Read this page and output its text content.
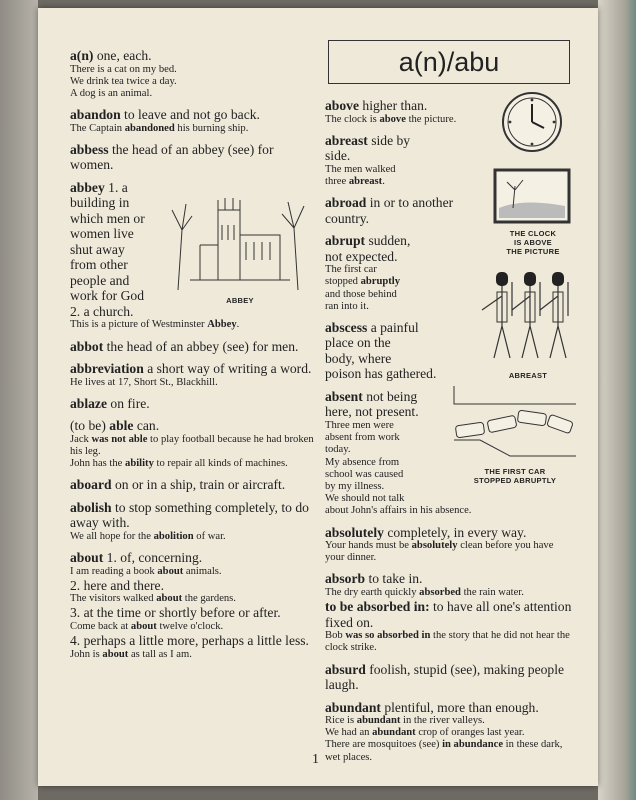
a(n)/abu
a(n) one, each.
There is a cat on my bed.
We drink tea twice a day.
A dog is an animal.
abandon to leave and not go back.
The Captain abandoned his burning ship.
abbess the head of an abbey (see) for women.
abbey 1. a
building in
which men or
women live
shut away
from other
people and
work for God
2. a church.
This is a picture of Westminster Abbey.
ABBEY
abbot the head of an abbey (see) for men.
abbreviation a short way of writing a word.
He lives at 17, Short St., Blackhill.
ablaze on fire.
(to be) able can.
Jack was not able to play football because he had broken his leg.
John has the ability to repair all kinds of machines.
aboard on or in a ship, train or aircraft.
abolish to stop something completely, to do away with.
We all hope for the abolition of war.
about 1. of, concerning.
I am reading a book about animals.
2. here and there.
The visitors walked about the gardens.
3. at the time or shortly before or after.
Come back at about twelve o'clock.
4. perhaps a little more, perhaps a little less.
John is about as tall as I am.
above higher than.
The clock is above the picture.
abreast side by
side.
The men walked
three abreast.
abroad in or to another country.
abrupt sudden,
not expected.
The first car
stopped abruptly
and those behind
ran into it.
abscess a painful
place on the
body, where
poison has gathered.
absent not being
here, not present.
Three men were
absent from work
today.
My absence from
school was caused
by my illness.
We should not talk
about John's affairs in his absence.
absolutely completely, in every way.
Your hands must be absolutely clean before you have your dinner.
absorb to take in.
The dry earth quickly absorbed the rain water.
to be absorbed in: to have all one's attention fixed on.
Bob was so absorbed in the story that he did not hear the clock strike.
absurd foolish, stupid (see), making people laugh.
abundant plentiful, more than enough.
Rice is abundant in the river valleys.
We had an abundant crop of oranges last year.
There are mosquitoes (see) in abundance in these dark, wet places.
THE CLOCK
IS ABOVE
THE PICTURE
ABREAST
THE FIRST CAR
STOPPED ABRUPTLY
1
